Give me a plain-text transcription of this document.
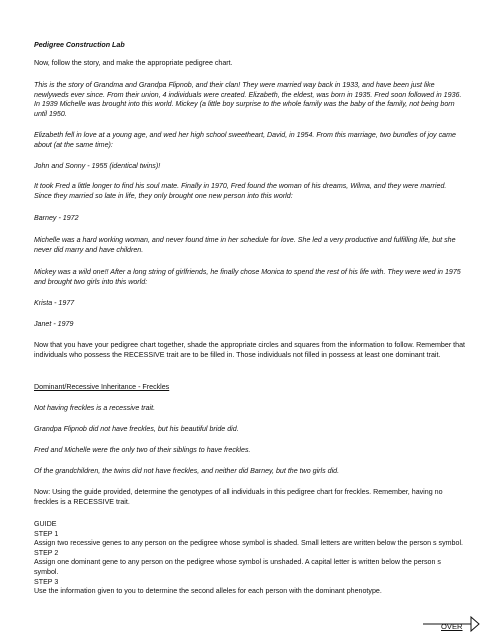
Pedigree Construction Lab

Now, follow the story, and make the appropriate pedigree chart.

This is the story of Grandma and Grandpa Flipnob, and their clan! They were married way back in 1933, and have been just like newlyweds ever since. From their union, 4 individuals were created. Elizabeth, the eldest, was born in 1935. Fred soon followed in 1936. In 1939 Michelle was brought into this world. Mickey (a little boy surprise to the whole family was the baby of the family, not being born until 1950.

Elizabeth fell in love at a young age, and wed her high school sweetheart, David, in 1954. From this marriage, two bundles of joy came about (at the same time):

John and Sonny - 1955 (identical twins)!

It took Fred a little longer to find his soul mate. Finally in 1970, Fred found the woman of his dreams, Wilma, and they were married. Since they married so late in life, they only brought one new person into this world:

Barney - 1972

Michelle was a hard working woman, and never found time in her schedule for love. She led a very productive and fulfilling life, but she never did marry and have children.

Mickey was a wild one!! After a long string of girlfriends, he finally chose Monica to spend the rest of his life with. They were wed in 1975 and brought two girls into this world:

Krista - 1977

Janet - 1979

Now that you have your pedigree chart together, shade the appropriate circles and squares from the information to follow. Remember that individuals who possess the RECESSIVE trait are to be filled in. Those individuals not filled in possess at least one dominant trait.

Dominant/Recessive Inheritance - Freckles

Not having freckles is a recessive trait.

Grandpa Flipnob did not have freckles, but his beautiful bride did.

Fred and Michelle were the only two of their siblings to have freckles.

Of the grandchildren, the twins did not have freckles, and neither did Barney, but the two girls did.

Now: Using the guide provided, determine the genotypes of all individuals in this pedigree chart for freckles. Remember, having no freckles is a RECESSIVE trait.

GUIDE
STEP 1
Assign two recessive genes to any person on the pedigree whose symbol is shaded. Small letters are written below the person s symbol.
STEP 2
Assign one dominant gene to any person on the pedigree whose symbol is unshaded. A capital letter is written below the person s symbol.
STEP 3
Use the information given to you to determine the second alleles for each person with the dominant phenotype.
OVER
